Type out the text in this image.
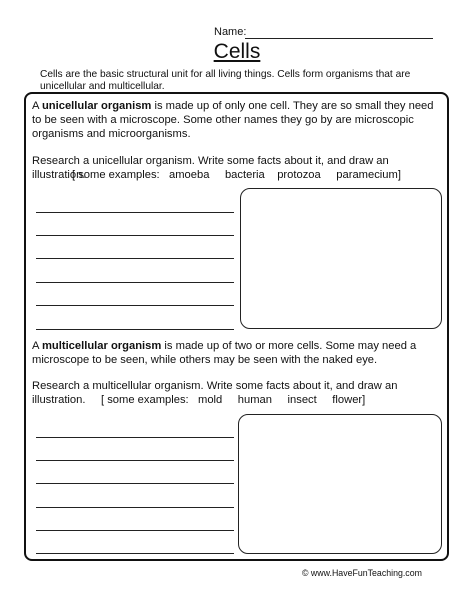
Name:
Cells
Cells are the basic structural unit for all living things. Cells form organisms that are unicellular and multicellular.
A unicellular organism is made up of only one cell. They are so small they need to be seen with a microscope. Some other names they go by are microscopic organisms and microorganisms.
Research a unicellular organism. Write some facts about it, and draw an illustration.
[ some examples:   amoeba     bacteria    protozoa     paramecium]
A multicellular organism is made up of two or more cells. Some may need a microscope to be seen, while others may be seen with the naked eye.
Research a multicellular organism. Write some facts about it, and draw an illustration.	[ some examples:   mold     human     insect     flower]
© www.HaveFunTeaching.com
